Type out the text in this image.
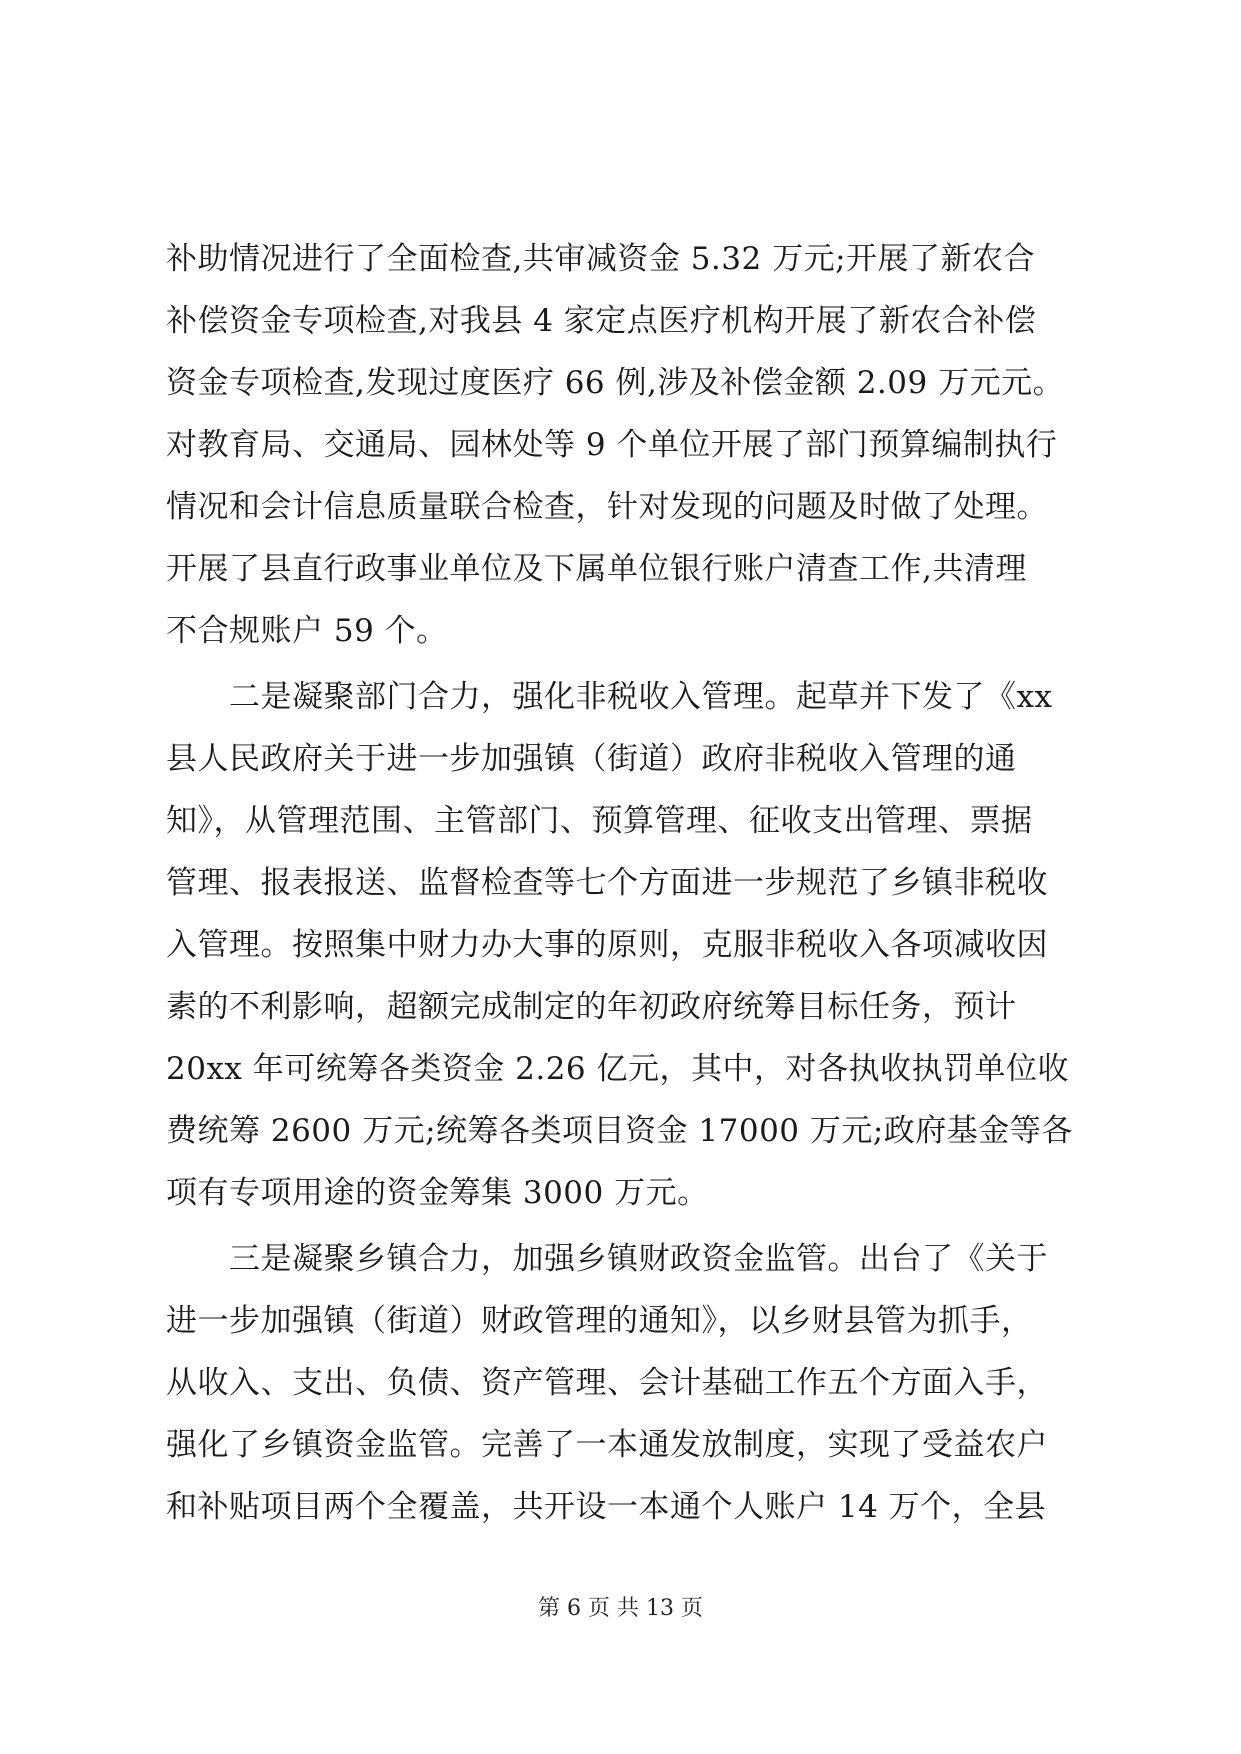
补助情况进行了全面检查,共审减资金 5.32 万元;开展了新农合
补偿资金专项检查,对我县 4 家定点医疗机构开展了新农合补偿
资金专项检查,发现过度医疗 66 例,涉及补偿金额 2.09 万元元。
对教育局、交通局、园林处等 9 个单位开展了部门预算编制执行
情况和会计信息质量联合检查，针对发现的问题及时做了处理。
开展了县直行政事业单位及下属单位银行账户清查工作,共清理
不合规账户 59 个。
　　二是凝聚部门合力，强化非税收入管理。起草并下发了《xx
县人民政府关于进一步加强镇（街道）政府非税收入管理的通
知》，从管理范围、主管部门、预算管理、征收支出管理、票据
管理、报表报送、监督检查等七个方面进一步规范了乡镇非税收
入管理。按照集中财力办大事的原则，克服非税收入各项减收因
素的不利影响，超额完成制定的年初政府统筹目标任务，预计
20xx 年可统筹各类资金 2.26 亿元，其中，对各执收执罚单位收
费统筹 2600 万元;统筹各类项目资金 17000 万元;政府基金等各
项有专项用途的资金筹集 3000 万元。
　　三是凝聚乡镇合力，加强乡镇财政资金监管。出台了《关于
进一步加强镇（街道）财政管理的通知》，以乡财县管为抓手，
从收入、支出、负债、资产管理、会计基础工作五个方面入手，
强化了乡镇资金监管。完善了一本通发放制度，实现了受益农户
和补贴项目两个全覆盖，共开设一本通个人账户 14 万个，全县
第 6 页 共 13 页
